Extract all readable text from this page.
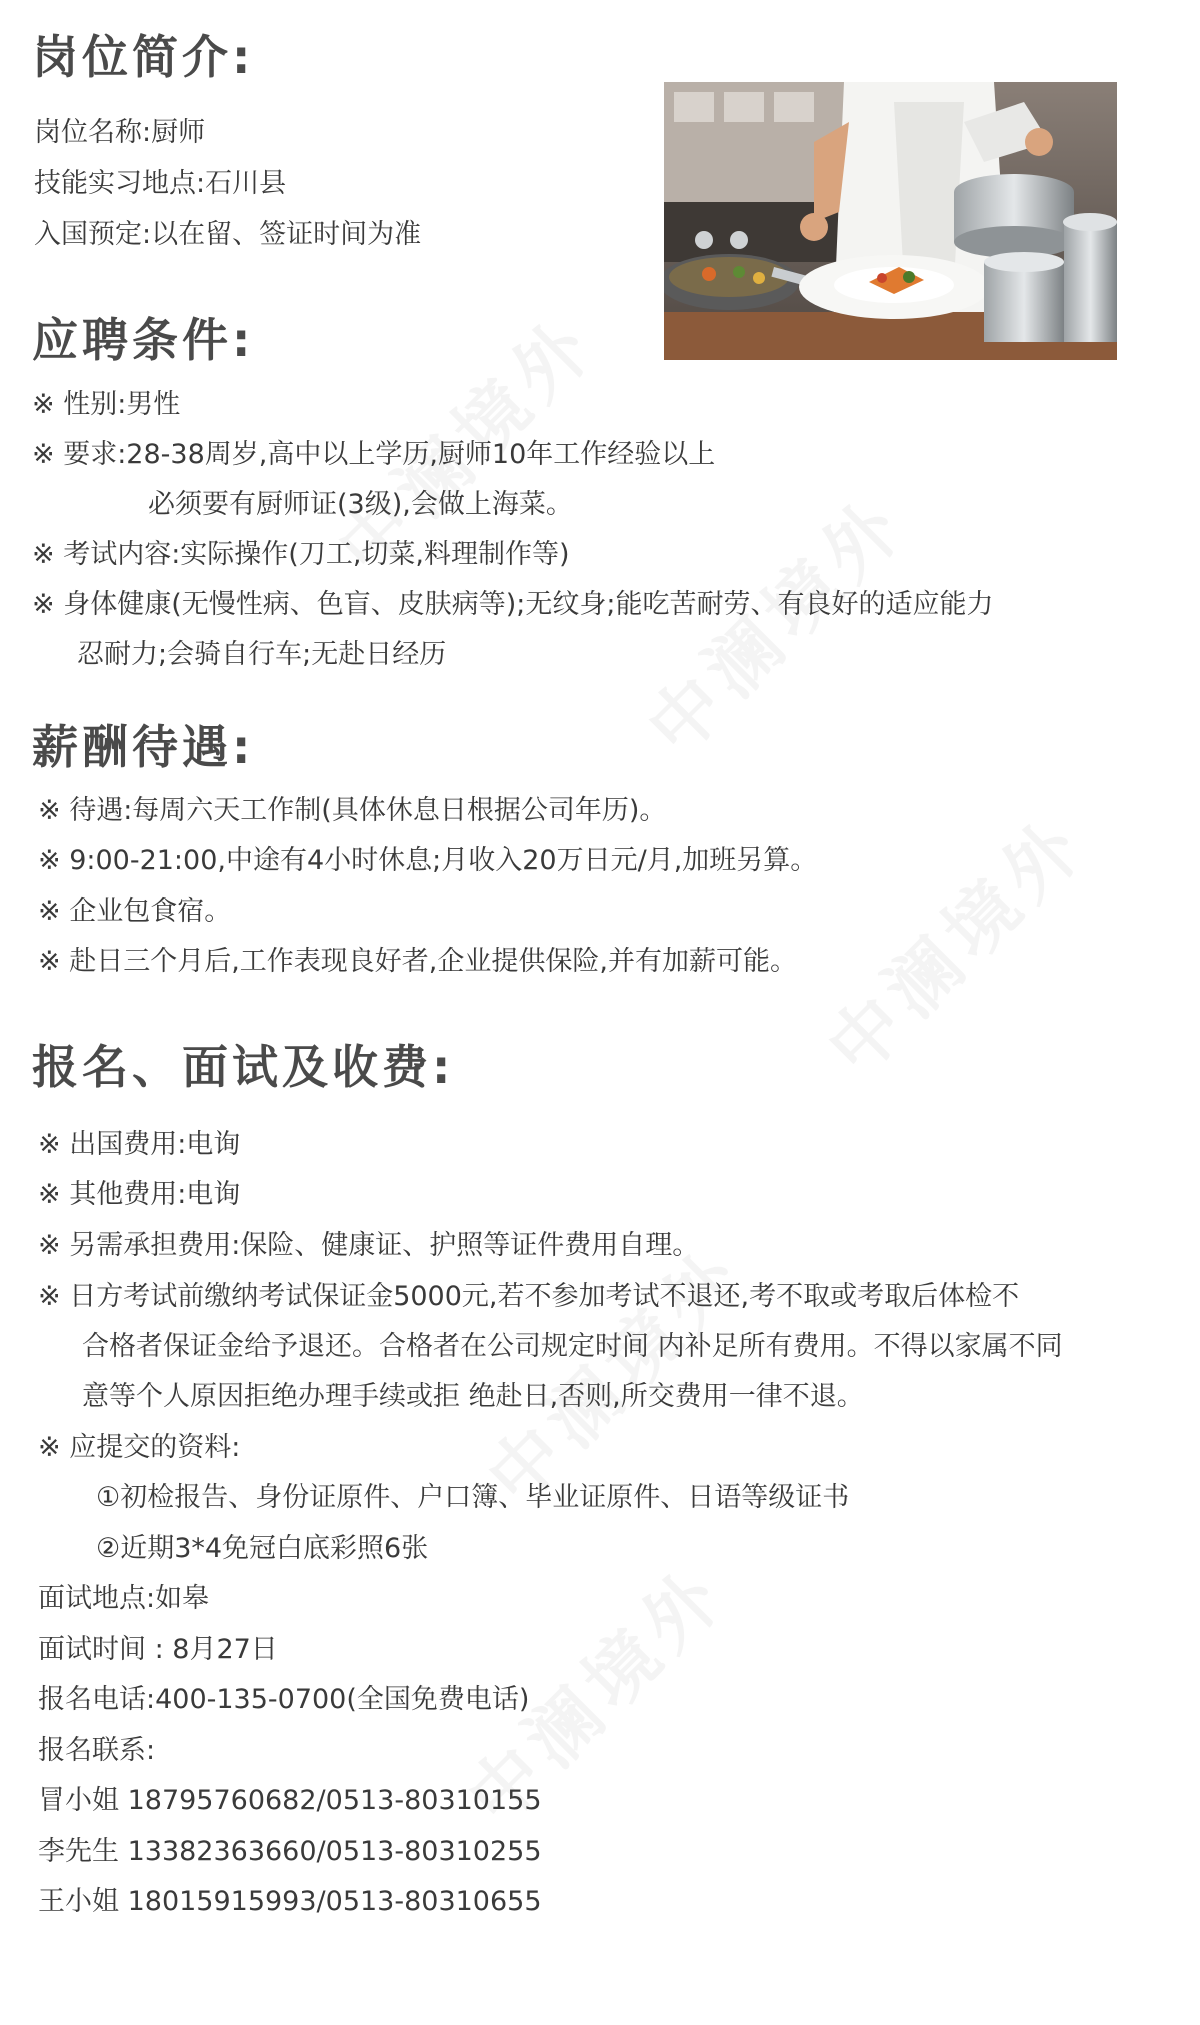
岗位简介:
岗位名称:厨师
技能实习地点:石川县
入国预定:以在留、签证时间为准
应聘条件:
※ 性别:男性
※ 要求:28-38周岁,高中以上学历,厨师10年工作经验以上
必须要有厨师证(3级),会做上海菜。
※ 考试内容:实际操作(刀工,切菜,料理制作等)
※ 身体健康(无慢性病、色盲、皮肤病等);无纹身;能吃苦耐劳、有良好的适应能力
忍耐力;会骑自行车;无赴日经历
薪酬待遇:
※ 待遇:每周六天工作制(具体休息日根据公司年历)。
※ 9:00-21:00,中途有4小时休息;月收入20万日元/月,加班另算。
※ 企业包食宿。
※ 赴日三个月后,工作表现良好者,企业提供保险,并有加薪可能。
报名、面试及收费:
※ 出国费用:电询
※ 其他费用:电询
※ 另需承担费用:保险、健康证、护照等证件费用自理。
※ 日方考试前缴纳考试保证金5000元,若不参加考试不退还,考不取或考取后体检不
合格者保证金给予退还。合格者在公司规定时间 内补足所有费用。不得以家属不同
意等个人原因拒绝办理手续或拒 绝赴日,否则,所交费用一律不退。
※ 应提交的资料:
①初检报告、身份证原件、户口簿、毕业证原件、日语等级证书
②近期3*4免冠白底彩照6张
面试地点:如皋
面试时间 : 8月27日
报名电话:400-135-0700(全国免费电话)
报名联系:
冒小姐 18795760682/0513-80310155
李先生 13382363660/0513-80310255
王小姐 18015915993/0513-80310655
